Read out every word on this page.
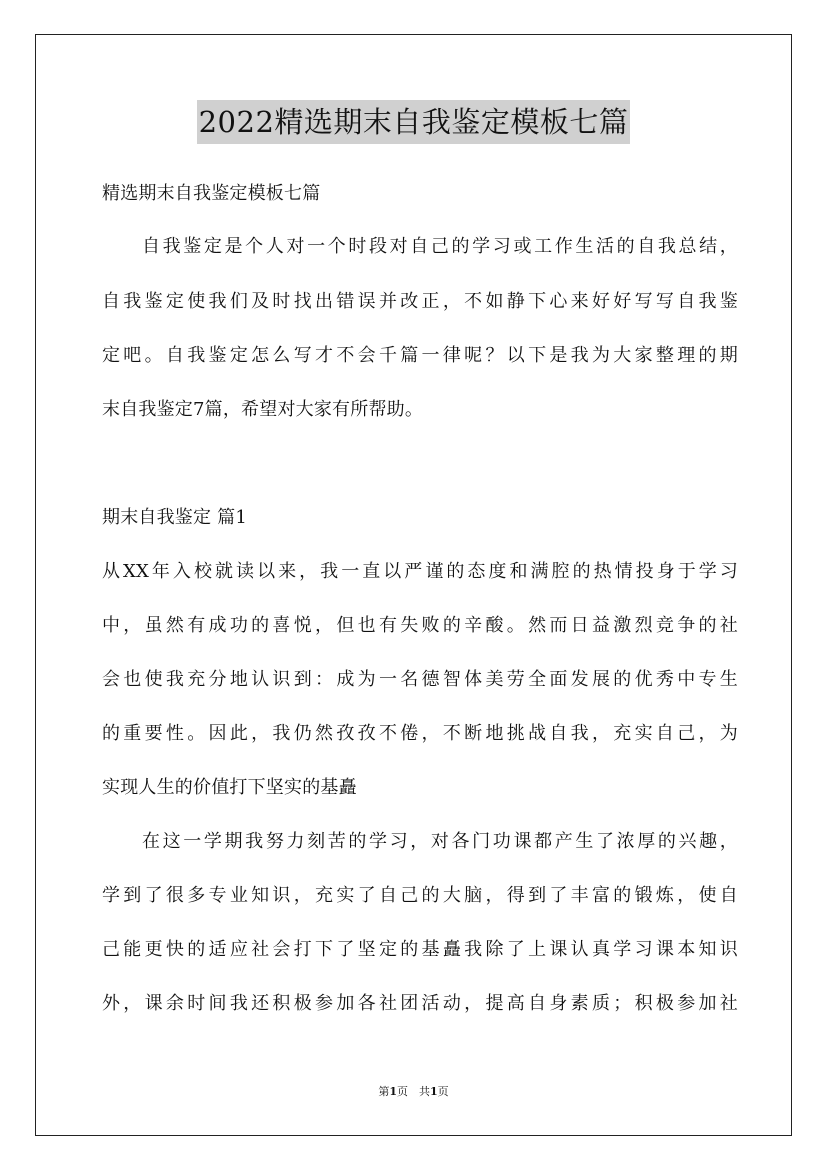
2022精选期末自我鉴定模板七篇
精选期末自我鉴定模板七篇
自我鉴定是个人对一个时段对自己的学习或工作生活的自我总结，
自我鉴定使我们及时找出错误并改正，不如静下心来好好写写自我鉴
定吧。自我鉴定怎么写才不会千篇一律呢？以下是我为大家整理的期
末自我鉴定7篇，希望对大家有所帮助。
期末自我鉴定 篇1
从XX年入校就读以来，我一直以严谨的态度和满腔的热情投身于学习
中，虽然有成功的喜悦，但也有失败的辛酸。然而日益激烈竞争的社
会也使我充分地认识到：成为一名德智体美劳全面发展的优秀中专生
的重要性。因此，我仍然孜孜不倦，不断地挑战自我，充实自己，为
实现人生的价值打下坚实的基矗
在这一学期我努力刻苦的学习，对各门功课都产生了浓厚的兴趣，
学到了很多专业知识，充实了自己的大脑，得到了丰富的锻炼，使自
己能更快的适应社会打下了坚定的基矗我除了上课认真学习课本知识
外，课余时间我还积极参加各社团活动，提高自身素质；积极参加社
第1页　共1页
